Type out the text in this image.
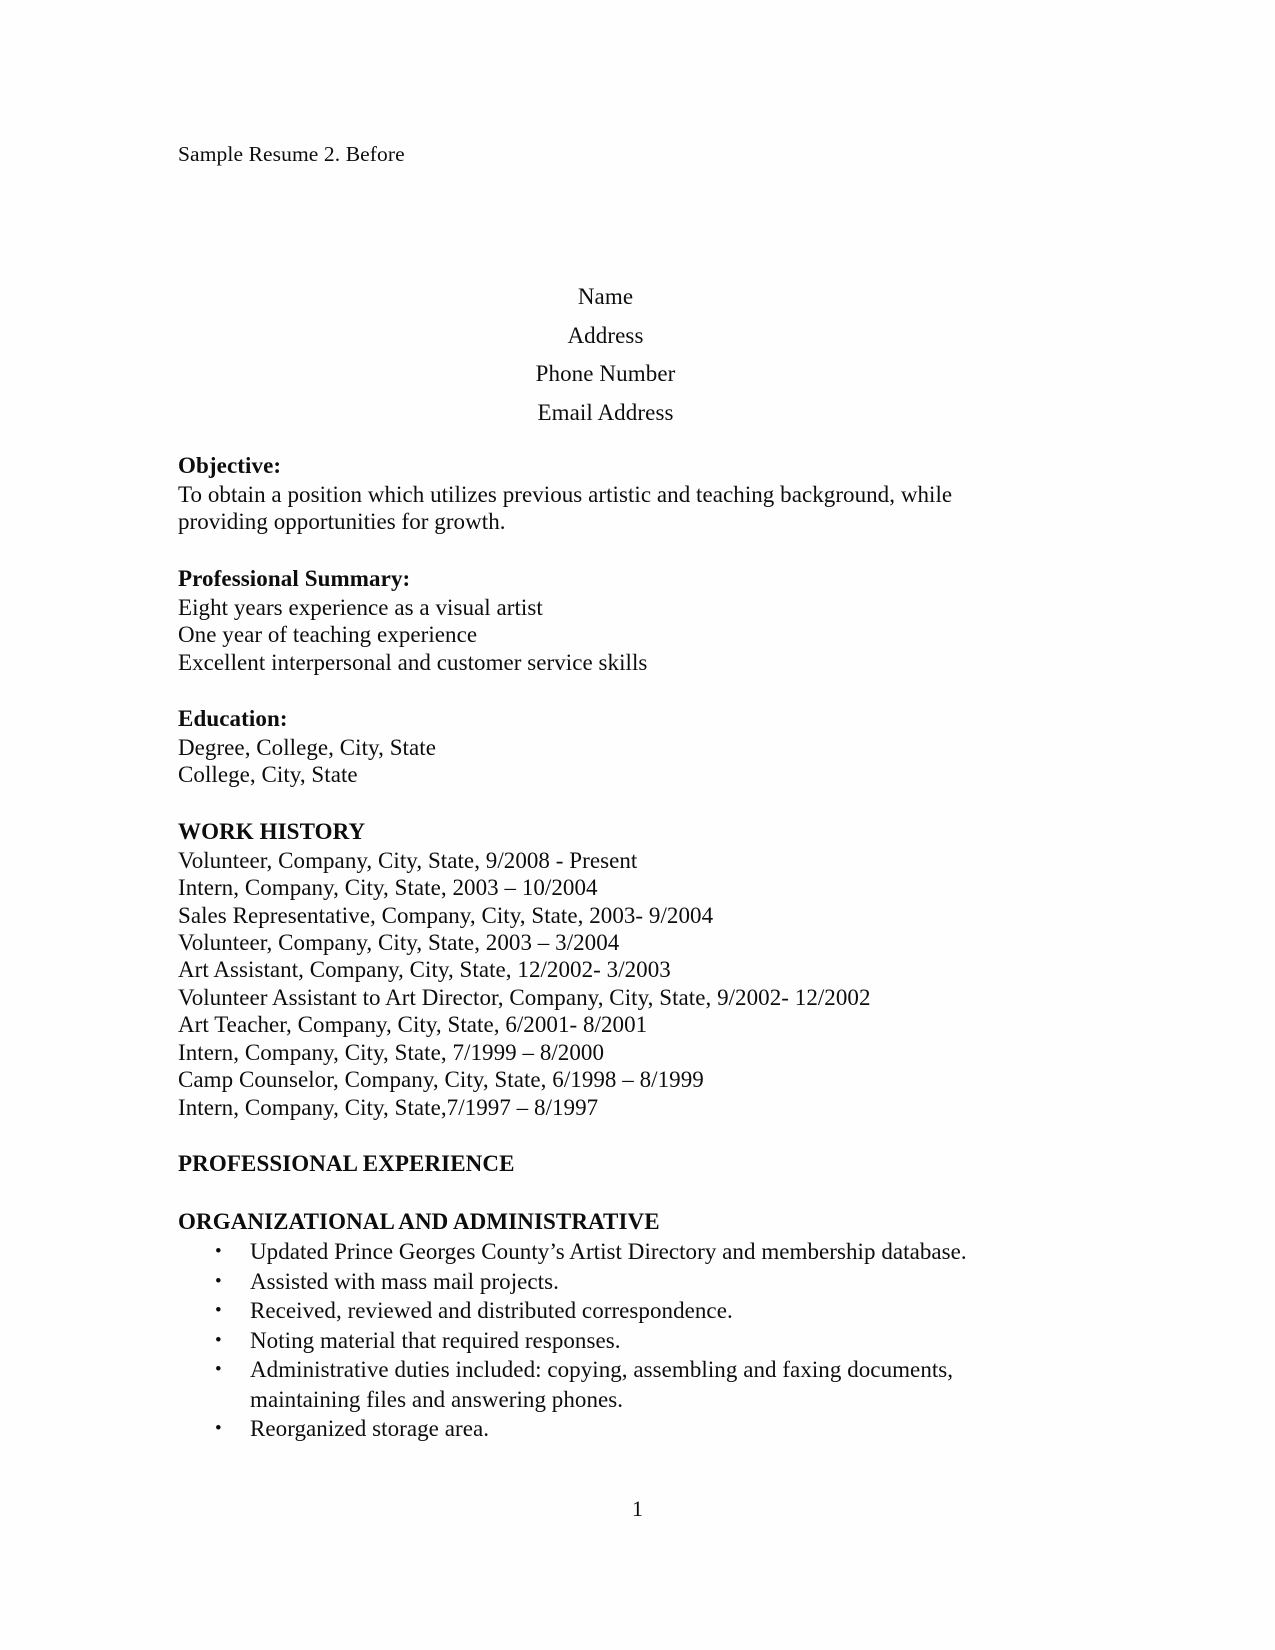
Sample Resume 2. Before
Name
Address
Phone Number
Email Address
Objective:

To obtain a position which utilizes previous artistic and teaching background, while providing opportunities for growth.

Professional Summary:

Eight years experience as a visual artist

One year of teaching experience

Excellent interpersonal and customer service skills

Education:

Degree, College, City, State

College, City, State

WORK HISTORY

Volunteer, Company, City, State, 9/2008 - Present

Intern, Company, City, State, 2003 – 10/2004

Sales Representative, Company, City, State, 2003- 9/2004

Volunteer, Company, City, State, 2003 – 3/2004

Art Assistant, Company, City, State, 12/2002- 3/2003

Volunteer Assistant to Art Director, Company, City, State, 9/2002- 12/2002

Art Teacher, Company, City, State, 6/2001- 8/2001

Intern, Company, City, State, 7/1999 – 8/2000

Camp Counselor, Company, City, State, 6/1998 – 8/1999

Intern, Company, City, State,7/1997 – 8/1997

PROFESSIONAL EXPERIENCE
ORGANIZATIONAL AND ADMINISTRATIVE
• Updated Prince Georges County’s Artist Directory and membership database.
• Assisted with mass mail projects.
• Received, reviewed and distributed correspondence.
• Noting material that required responses.
• Administrative duties included: copying, assembling and faxing documents, maintaining files and answering phones.
• Reorganized storage area.
1
